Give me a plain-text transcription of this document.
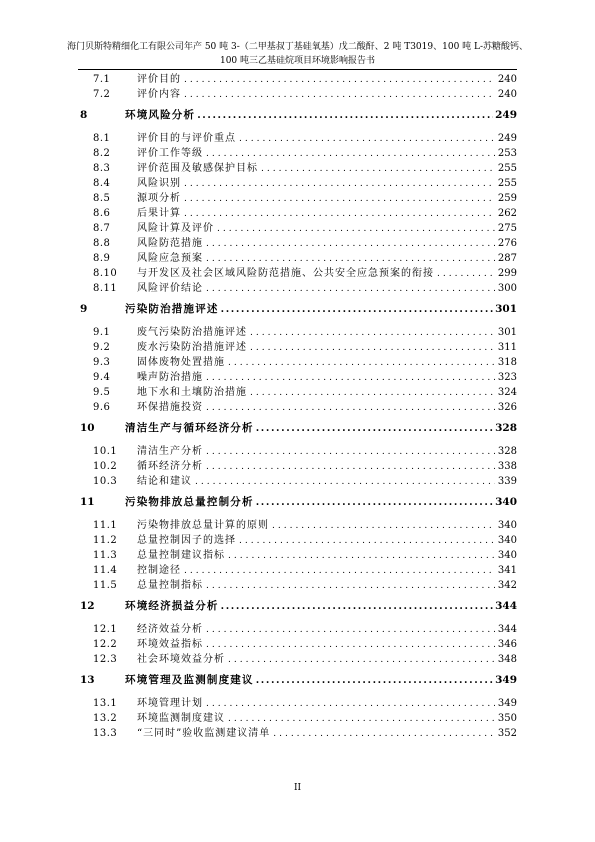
海门贝斯特精细化工有限公司年产 50 吨 3-（二甲基叔丁基硅氧基）戊二酸酐、2 吨 T3019、100 吨 L-苏糖酸钙、
100 吨三乙基硅烷项目环境影响报告书
7.1	评价目的 .....	240
7.2	评价内容 .....	240
8	环境风险分析 .....	249
8.1	评价目的与评价重点 .....	249
8.2	评价工作等级 .....	253
8.3	评价范围及敏感保护目标 .....	255
8.4	风险识别 .....	255
8.5	源项分析 .....	259
8.6	后果计算 .....	262
8.7	风险计算及评价 .....	275
8.8	风险防范措施 .....	276
8.9	风险应急预案 .....	287
8.10	与开发区及社会区域风险防范措施、公共安全应急预案的衔接 .....	299
8.11	风险评价结论 .....	300
9	污染防治措施评述 .....	301
9.1	废气污染防治措施评述 .....	301
9.2	废水污染防治措施评述 .....	311
9.3	固体废物处置措施 .....	318
9.4	噪声防治措施 .....	323
9.5	地下水和土壤防治措施 .....	324
9.6	环保措施投资 .....	326
10	清洁生产与循环经济分析 .....	328
10.1	清洁生产分析 .....	328
10.2	循环经济分析 .....	338
10.3	结论和建议 .....	339
11	污染物排放总量控制分析 .....	340
11.1	污染物排放总量计算的原则 .....	340
11.2	总量控制因子的选择 .....	340
11.3	总量控制建议指标 .....	340
11.4	控制途径 .....	341
11.5	总量控制指标 .....	342
12	环境经济损益分析 .....	344
12.1	经济效益分析 .....	344
12.2	环境效益指标 .....	346
12.3	社会环境效益分析 .....	348
13	环境管理及监测制度建议 .....	349
13.1	环境管理计划 .....	349
13.2	环境监测制度建议 .....	350
13.3	“三同时”验收监测建议清单 .....	352
II
